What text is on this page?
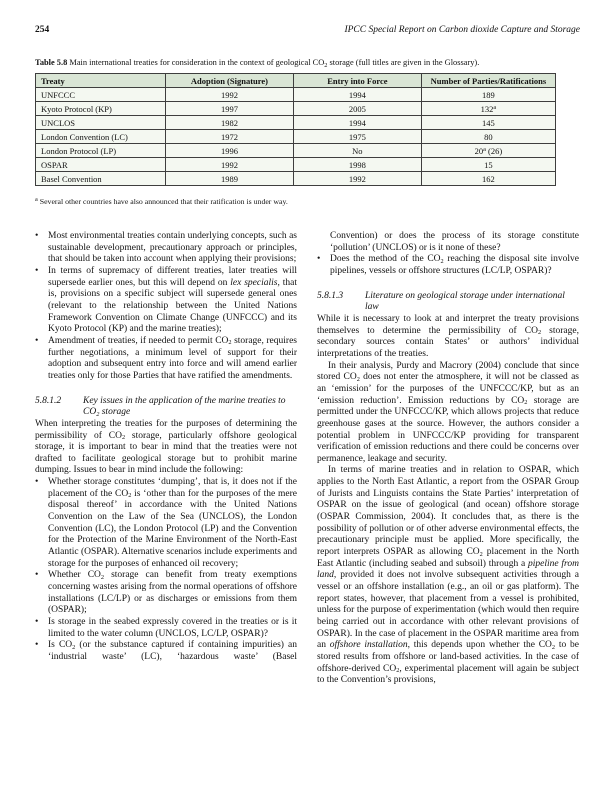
254	IPCC Special Report on Carbon dioxide Capture and Storage
Table 5.8 Main international treaties for consideration in the context of geological $CO_2$ storage (full titles are given in the Glossary).
Treaty	Adoption (Signature)	Entry into Force	Number of Parties/Ratifications
UNFCCC	1992	1994	189
Kyoto Protocol (KP)	1997	2005	132$^a$
UNCLOS	1982	1994	145
London Convention (LC)	1972	1975	80
London Protocol (LP)	1996	No	20$^a$ (26)
OSPAR	1992	1998	15
Basel Convention	1989	1992	162
$^a$ Several other countries have also announced that their ratification is under way.
•	Most environmental treaties contain underlying concepts, such as sustainable development, precautionary approach or principles, that should be taken into account when applying their provisions;
•	In terms of supremacy of different treaties, later treaties will supersede earlier ones, but this will depend on lex specialis, that is, provisions on a specific subject will supersede general ones (relevant to the relationship between the United Nations Framework Convention on Climate Change (UNFCCC) and its Kyoto Protocol (KP) and the marine treaties);
•	Amendment of treaties, if needed to permit $CO_2$ storage, requires further negotiations, a minimum level of support for their adoption and subsequent entry into force and will amend earlier treaties only for those Parties that have ratified the amendments.
5.8.1.2	Key issues in the application of the marine treaties to $CO_2$ storage
When interpreting the treaties for the purposes of determining the permissibility of $CO_2$ storage, particularly offshore geological storage, it is important to bear in mind that the treaties were not drafted to facilitate geological storage but to prohibit marine dumping. Issues to bear in mind include the following:
•	Whether storage constitutes ‘dumping’, that is, it does not if the placement of the $CO_2$ is ‘other than for the purposes of the mere disposal thereof’ in accordance with the United Nations Convention on the Law of the Sea (UNCLOS), the London Convention (LC), the London Protocol (LP) and the Convention for the Protection of the Marine Environment of the North-East Atlantic (OSPAR). Alternative scenarios include experiments and storage for the purposes of enhanced oil recovery;
•	Whether $CO_2$ storage can benefit from treaty exemptions concerning wastes arising from the normal operations of offshore installations (LC/LP) or as discharges or emissions from them (OSPAR);
•	Is storage in the seabed expressly covered in the treaties or is it limited to the water column (UNCLOS, LC/LP, OSPAR)?
•	Is $CO_2$ (or the substance captured if containing impurities) an ‘industrial waste’ (LC), ‘hazardous waste’ (Basel
Convention) or does the process of its storage constitute ‘pollution’ (UNCLOS) or is it none of these?
•	Does the method of the $CO_2$ reaching the disposal site involve pipelines, vessels or offshore structures (LC/LP, OSPAR)?
5.8.1.3	Literature on geological storage under international law
While it is necessary to look at and interpret the treaty provisions themselves to determine the permissibility of $CO_2$ storage, secondary sources contain States’ or authors’ individual interpretations of the treaties.
In their analysis, Purdy and Macrory (2004) conclude that since stored $CO_2$ does not enter the atmosphere, it will not be classed as an ‘emission’ for the purposes of the UNFCCC/KP, but as an ‘emission reduction’. Emission reductions by $CO_2$ storage are permitted under the UNFCCC/KP, which allows projects that reduce greenhouse gases at the source. However, the authors consider a potential problem in UNFCCC/KP providing for transparent verification of emission reductions and there could be concerns over permanence, leakage and security.
In terms of marine treaties and in relation to OSPAR, which applies to the North East Atlantic, a report from the OSPAR Group of Jurists and Linguists contains the State Parties’ interpretation of OSPAR on the issue of geological (and ocean) offshore storage (OSPAR Commission, 2004). It concludes that, as there is the possibility of pollution or of other adverse environmental effects, the precautionary principle must be applied. More specifically, the report interprets OSPAR as allowing $CO_2$ placement in the North East Atlantic (including seabed and subsoil) through a pipeline from land, provided it does not involve subsequent activities through a vessel or an offshore installation (e.g., an oil or gas platform). The report states, however, that placement from a vessel is prohibited, unless for the purpose of experimentation (which would then require being carried out in accordance with other relevant provisions of OSPAR). In the case of placement in the OSPAR maritime area from an offshore installation, this depends upon whether the $CO_2$ to be stored results from offshore or land-based activities. In the case of offshore-derived $CO_2$, experimental placement will again be subject to the Convention’s provisions,
